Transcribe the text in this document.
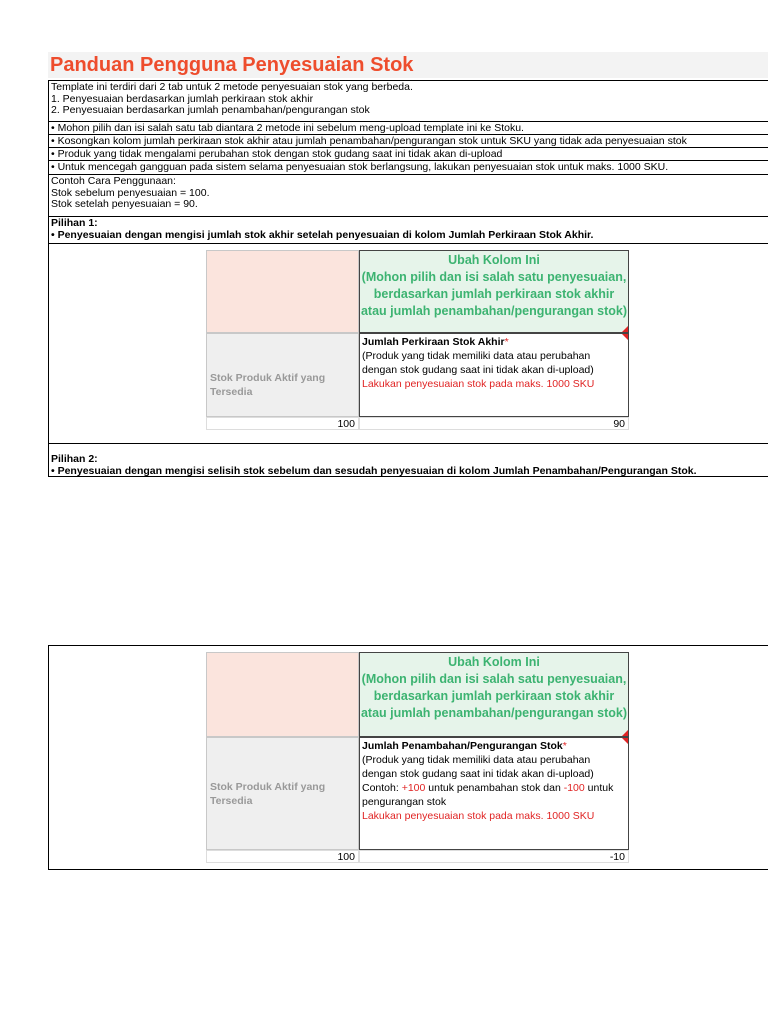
Panduan Pengguna Penyesuaian Stok
Template ini terdiri dari 2 tab untuk 2 metode penyesuaian stok yang berbeda.
1. Penyesuaian berdasarkan jumlah perkiraan stok akhir
2. Penyesuaian berdasarkan jumlah penambahan/pengurangan stok
• Mohon pilih dan isi salah satu tab diantara 2 metode ini sebelum meng-upload template ini ke Stoku.
• Kosongkan kolom jumlah perkiraan stok akhir atau jumlah penambahan/pengurangan stok untuk SKU yang tidak ada penyesuaian stok
• Produk yang tidak mengalami perubahan stok dengan stok gudang saat ini tidak akan di-upload
• Untuk mencegah gangguan pada sistem selama penyesuaian stok berlangsung, lakukan penyesuaian stok untuk maks. 1000 SKU.
Contoh Cara Penggunaan:
Stok sebelum penyesuaian = 100.
Stok setelah penyesuaian = 90.
Pilihan 1:
• Penyesuaian dengan mengisi jumlah stok akhir setelah penyesuaian di kolom Jumlah Perkiraan Stok Akhir.
Ubah Kolom Ini
(Mohon pilih dan isi salah satu penyesuaian, berdasarkan jumlah perkiraan stok akhir atau jumlah penambahan/pengurangan stok)
Stok Produk Aktif yang Tersedia
Jumlah Perkiraan Stok Akhir*
(Produk yang tidak memiliki data atau perubahan dengan stok gudang saat ini tidak akan di-upload)
Lakukan penyesuaian stok pada maks. 1000 SKU
100	90
Pilihan 2:
• Penyesuaian dengan mengisi selisih stok sebelum dan sesudah penyesuaian di kolom Jumlah Penambahan/Pengurangan Stok.
Ubah Kolom Ini
(Mohon pilih dan isi salah satu penyesuaian, berdasarkan jumlah perkiraan stok akhir atau jumlah penambahan/pengurangan stok)
Stok Produk Aktif yang Tersedia
Jumlah Penambahan/Pengurangan Stok*
(Produk yang tidak memiliki data atau perubahan dengan stok gudang saat ini tidak akan di-upload)
Contoh: +100 untuk penambahan stok dan -100 untuk pengurangan stok
Lakukan penyesuaian stok pada maks. 1000 SKU
100	-10
